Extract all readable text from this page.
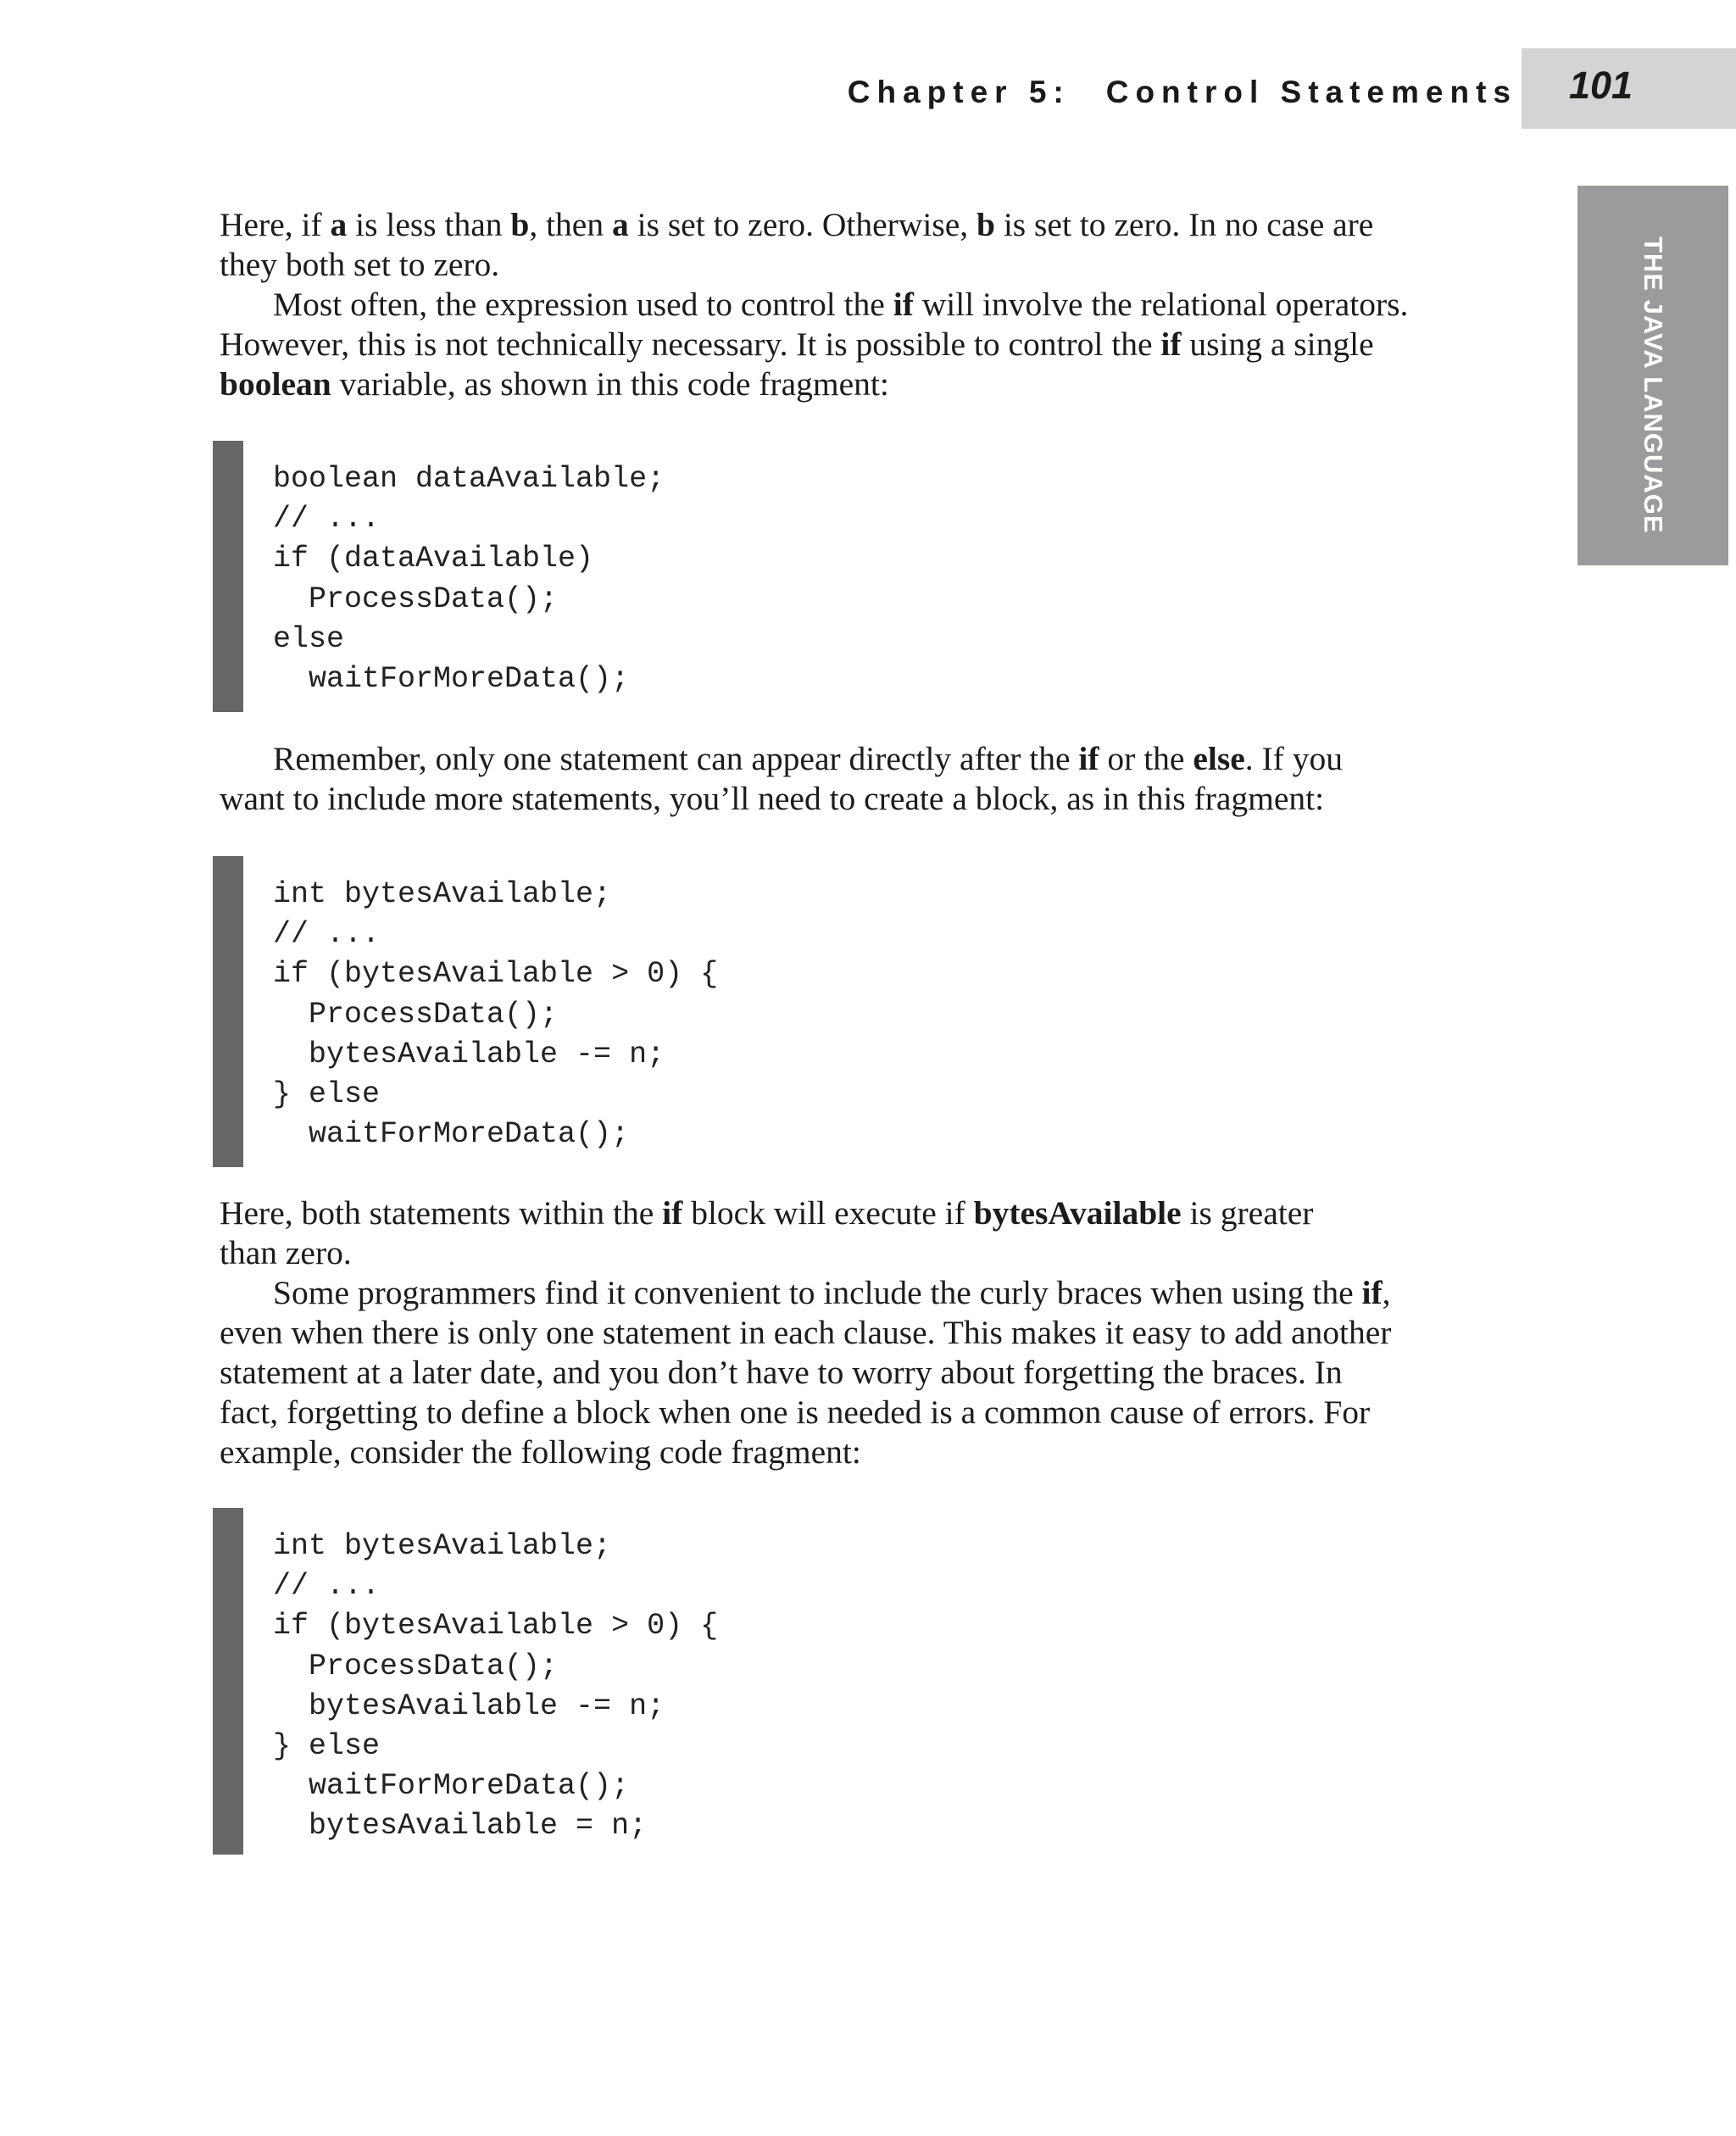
Chapter 5: Control Statements 101
THE JAVA LANGUAGE

Here, if a is less than b, then a is set to zero. Otherwise, b is set to zero. In no case are

they both set to zero.

Most often, the expression used to control the if will involve the relational operators.

However, this is not technically necessary. It is possible to control the if using a single

boolean variable, as shown in this code fragment:

boolean dataAvailable;
// ...
if (dataAvailable)
ProcessData();
else
waitForMoreData();

Remember, only one statement can appear directly after the if or the else. If you

want to include more statements, you’ll need to create a block, as in this fragment:

int bytesAvailable;
// ...
if (bytesAvailable > 0) {
ProcessData();
bytesAvailable -= n;
} else
waitForMoreData();

Here, both statements within the if block will execute if bytesAvailable is greater

than zero.

Some programmers find it convenient to include the curly braces when using the if,

even when there is only one statement in each clause. This makes it easy to add another

statement at a later date, and you don’t have to worry about forgetting the braces. In

fact, forgetting to define a block when one is needed is a common cause of errors. For

example, consider the following code fragment:

int bytesAvailable;
// ...
if (bytesAvailable > 0) {
ProcessData();
bytesAvailable -= n;
} else
waitForMoreData();
bytesAvailable = n;
